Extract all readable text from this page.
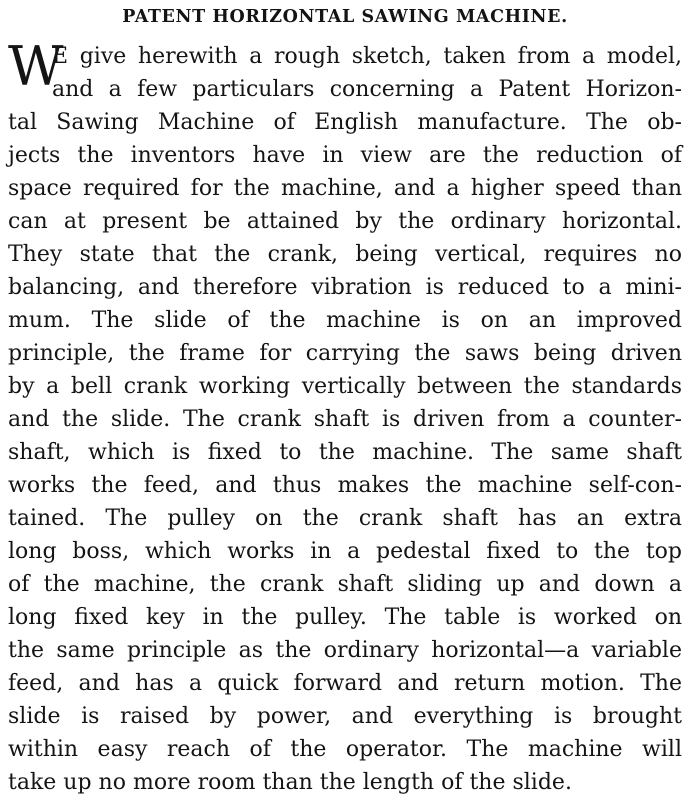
PATENT HORIZONTAL SAWING MACHINE.
W
E give herewith a rough sketch, taken from a model,
and a few particulars concerning a Patent Horizon-
tal Sawing Machine of English manufacture. The ob-
jects the inventors have in view are the reduction of
space required for the machine, and a higher speed than
can at present be attained by the ordinary horizontal.
They state that the crank, being vertical, requires no
balancing, and therefore vibration is reduced to a mini-
mum. The slide of the machine is on an improved
principle, the frame for carrying the saws being driven
by a bell crank working vertically between the standards
and the slide. The crank shaft is driven from a counter-
shaft, which is fixed to the machine. The same shaft
works the feed, and thus makes the machine self-con-
tained. The pulley on the crank shaft has an extra
long boss, which works in a pedestal fixed to the top
of the machine, the crank shaft sliding up and down a
long fixed key in the pulley. The table is worked on
the same principle as the ordinary horizontal—a variable
feed, and has a quick forward and return motion. The
slide is raised by power, and everything is brought
within easy reach of the operator. The machine will
take up no more room than the length of the slide.
